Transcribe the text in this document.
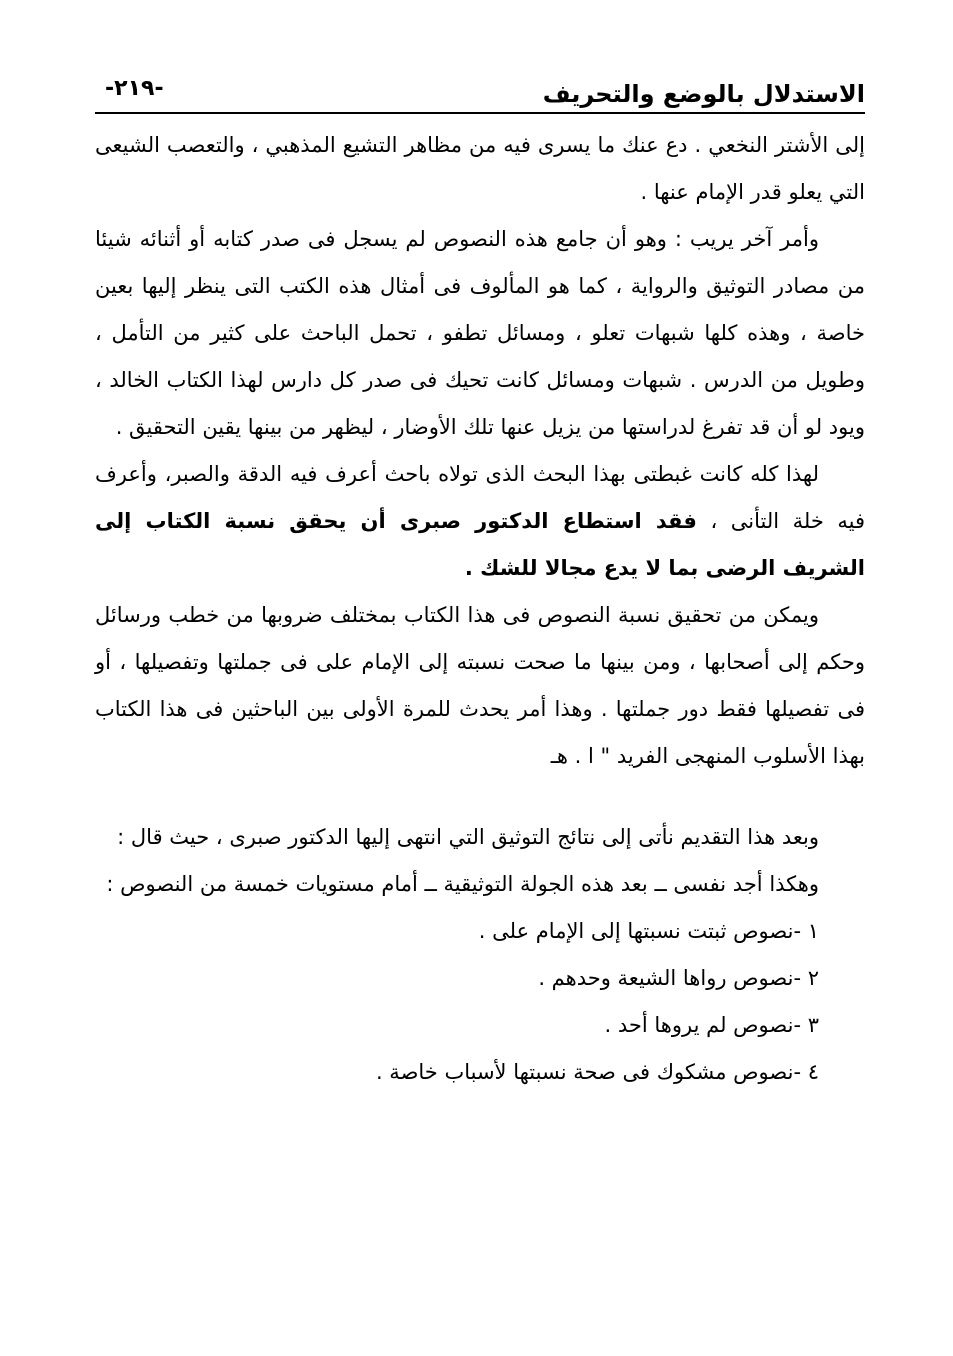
الاستدلال بالوضع والتحريف
-٢١٩-

إلى الأشتر النخعي . دع عنك ما يسرى فيه من مظاهر التشيع المذهبي ، والتعصب الشيعى التي يعلو قدر الإمام عنها .

وأمر آخر يريب : وهو أن جامع هذه النصوص لم يسجل فى صدر كتابه أو أثنائه شيئا من مصادر التوثيق والرواية ، كما هو المألوف فى أمثال هذه الكتب التى ينظر إليها بعين خاصة ، وهذه كلها شبهات تعلو ، ومسائل تطفو ، تحمل الباحث على كثير من التأمل ، وطويل من الدرس . شبهات ومسائل كانت تحيك فى صدر كل دارس لهذا الكتاب الخالد ، ويود لو أن قد تفرغ لدراستها من يزيل عنها تلك الأوضار ، ليظهر من بينها يقين التحقيق .

لهذا كله كانت غبطتى بهذا البحث الذى تولاه باحث أعرف فيه الدقة والصبر، وأعرف فيه خلة التأنى ، فقد استطاع الدكتور صبرى أن يحقق نسبة الكتاب إلى الشريف الرضى بما لا يدع مجالا للشك .

ويمكن من تحقيق نسبة النصوص فى هذا الكتاب بمختلف ضروبها من خطب ورسائل وحكم إلى أصحابها ، ومن بينها ما صحت نسبته إلى الإمام على فى جملتها وتفصيلها ، أو فى تفصيلها فقط دور جملتها . وهذا أمر يحدث للمرة الأولى بين الباحثين فى هذا الكتاب بهذا الأسلوب المنهجى الفريد " ا . هـ

وبعد هذا التقديم نأتى إلى نتائج التوثيق التي انتهى إليها الدكتور صبرى ، حيث قال :

وهكذا أجد نفسى ــ بعد هذه الجولة التوثيقية ــ أمام مستويات خمسة من النصوص :

١ -نصوص ثبتت نسبتها إلى الإمام على .
٢ -نصوص رواها الشيعة وحدهم .
٣ -نصوص لم يروها أحد .
٤ -نصوص مشكوك فى صحة نسبتها لأسباب خاصة .
